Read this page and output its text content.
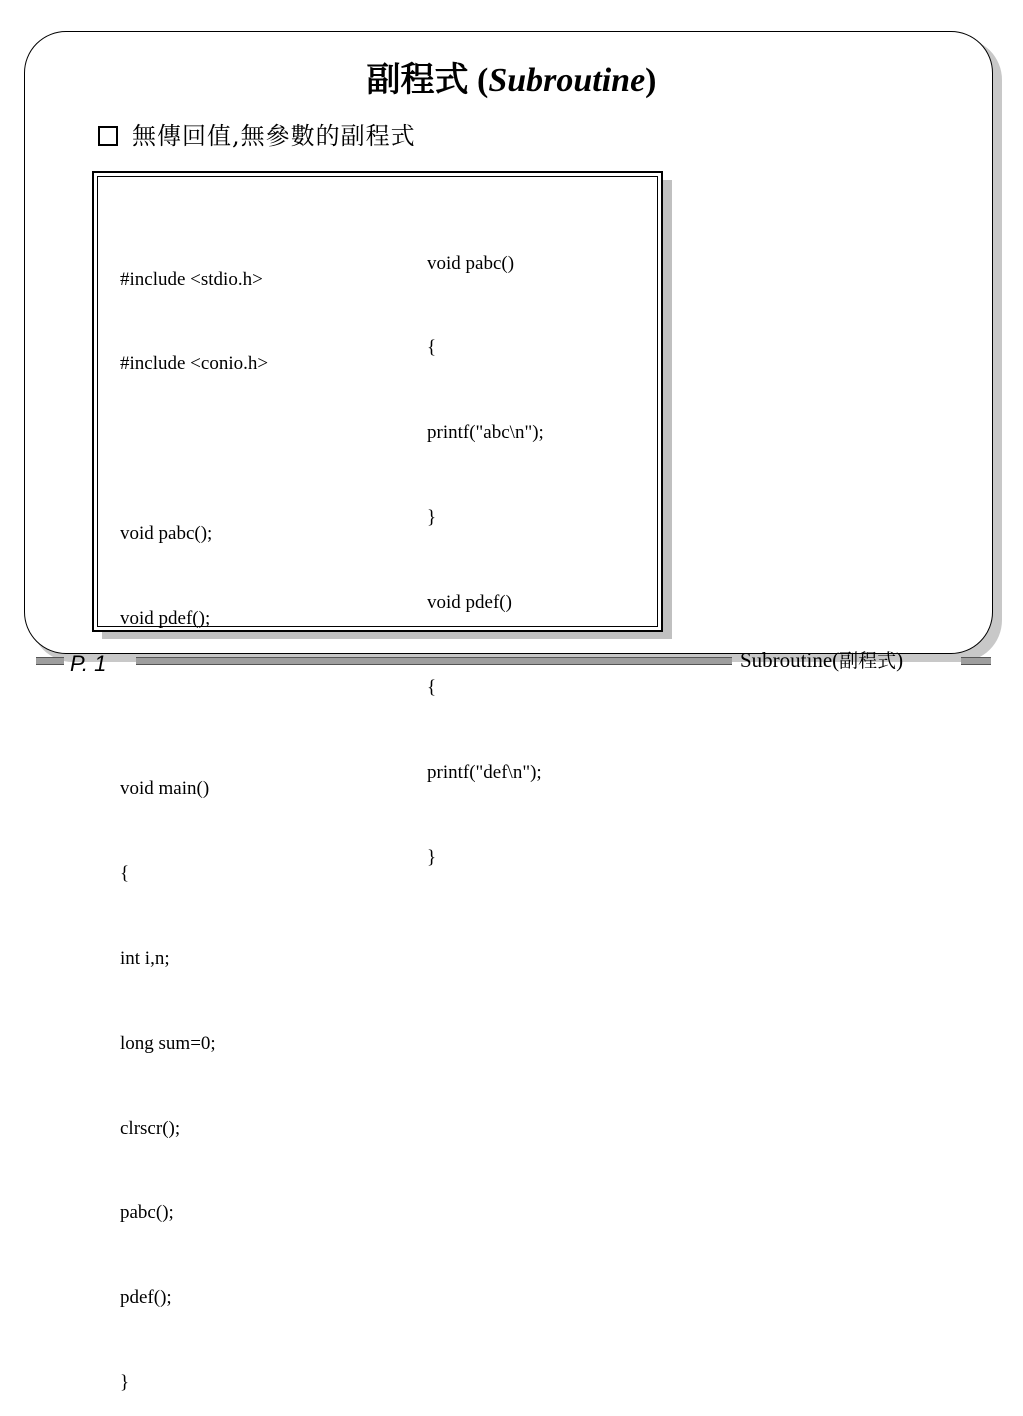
副程式 (Subroutine)
無傳回值,無參數的副程式

#include <stdio.h>

#include <conio.h>

void pabc();

void pdef();

void main()

{

int i,n;

long sum=0;

clrscr();

pabc();

pdef();

}

void pabc()

{

printf("abc\n");

}

void pdef()

{

printf("def\n");

}

P. 1	Subroutine(副程式)
